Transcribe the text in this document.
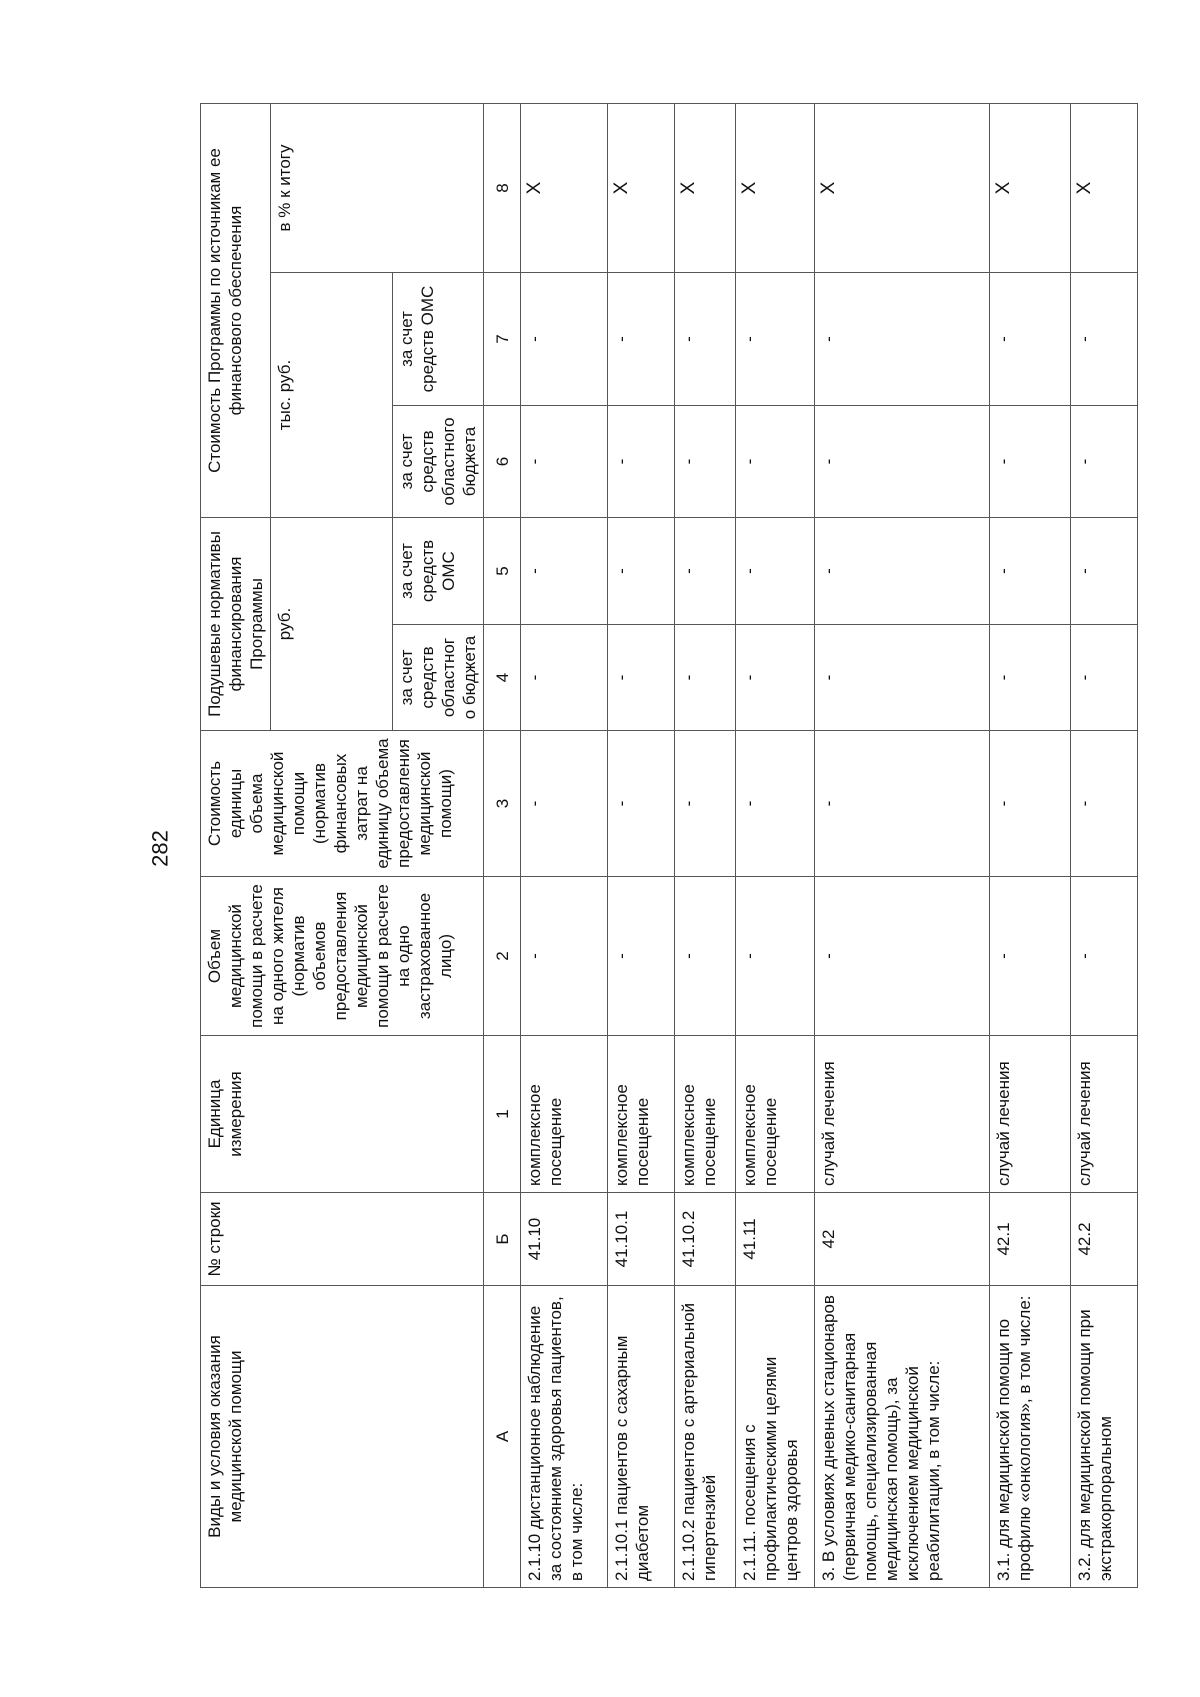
282
Виды и условия оказания медицинской помощи	№ строки	Единица измерения	Объем медицинской помощи в расчете на одного жителя (норматив объемов предоставления медицинской помощи в расчете на одно застрахованное лицо)	Стоимость единицы объема медицинской помощи (норматив финансовых затрат на единицу объема предоставления медицинской помощи)	Подушевые нормативы финансирования Программы		Стоимость Программы по источникам ее финансового обеспечения		
					руб.		тыс. руб.		в % к итогу
					за счет средств областног о бюджета	за счет средств ОМС	за счет средств областного бюджета	за счет средств ОМС	
А	Б	1	2	3	4	5	6	7	8
2.1.10 дистанционное наблюдение за состоянием здоровья пациентов, в том числе:	41.10	комплексное посещение	-	-	-	-	-	-	X
2.1.10.1 пациентов с сахарным диабетом	41.10.1	комплексное посещение	-	-	-	-	-	-	X
2.1.10.2 пациентов с артериальной гипертензией	41.10.2	комплексное посещение	-	-	-	-	-	-	X
2.1.11. посещения с профилактическими целями центров здоровья	41.11	комплексное посещение	-	-	-	-	-	-	X
3. В условиях дневных стационаров (первичная медико-санитарная помощь, специализированная медицинская помощь), за исключением медицинской реабилитации, в том числе:	42	случай лечения	-	-	-	-	-	-	X
3.1. для медицинской помощи по профилю «онкология», в том числе:	42.1	случай лечения	-	-	-	-	-	-	X
3.2. для медицинской помощи при экстракорпоральном	42.2	случай лечения	-	-	-	-	-	-	X
